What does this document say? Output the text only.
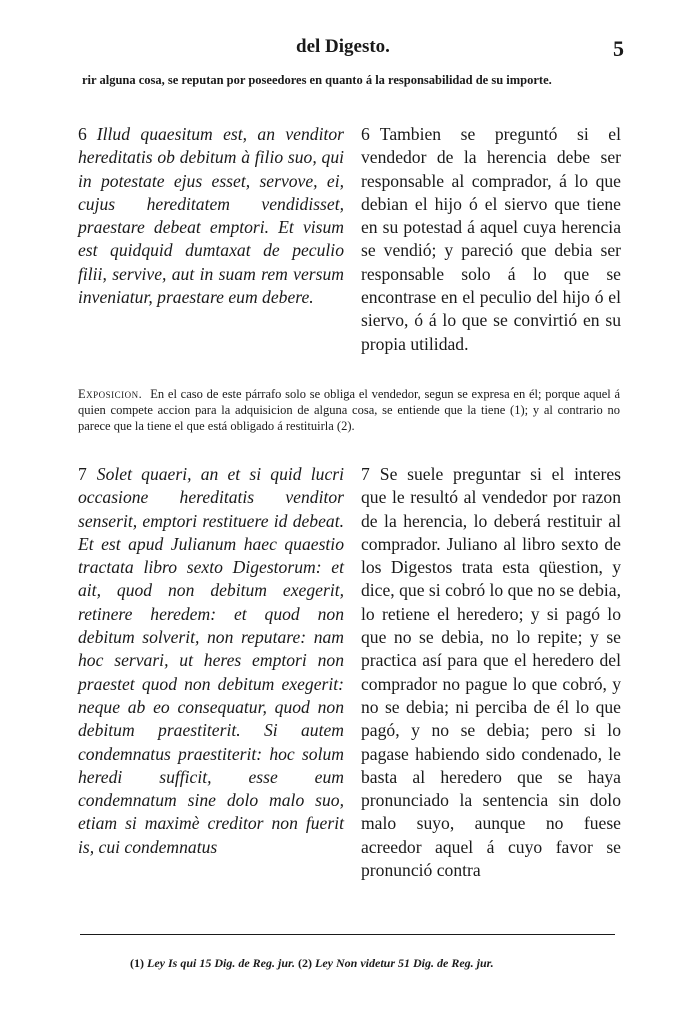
del Digesto.	5
rir alguna cosa, se reputan por poseedores en quanto á la responsabilidad de su importe.
6 Illud quaesitum est, an venditor hereditatis ob debitum à filio suo, qui in potestate ejus esset, servove, ei, cujus hereditatem vendidisset, praestare debeat emptori. Et visum est quidquid dumtaxat de peculio filii, servive, aut in suam rem versum inveniatur, praestare eum debere.
6 Tambien se preguntó si el vendedor de la herencia debe ser responsable al comprador, á lo que debian el hijo ó el siervo que tiene en su potestad á aquel cuya herencia se vendió; y pareció que debia ser responsable solo á lo que se encontrase en el peculio del hijo ó el siervo, ó á lo que se convirtió en su propia utilidad.
Exposicion. En el caso de este párrafo solo se obliga el vendedor, segun se expresa en él; porque aquel á quien compete accion para la adquisicion de alguna cosa, se entiende que la tiene (1); y al contrario no parece que la tiene el que está obligado á restituirla (2).
7 Solet quaeri, an et si quid lucri occasione hereditatis venditor senserit, emptori restituere id debeat. Et est apud Julianum haec quaestio tractata libro sexto Digestorum: et ait, quod non debitum exegerit, retinere heredem: et quod non debitum solverit, non reputare: nam hoc servari, ut heres emptori non praestet quod non debitum exegerit: neque ab eo consequatur, quod non debitum praestiterit. Si autem condemnatus praestiterit: hoc solum heredi sufficit, esse eum condemnatum sine dolo malo suo, etiam si maximè creditor non fuerit is, cui condemnatus
7 Se suele preguntar si el interes que le resultó al vendedor por razon de la herencia, lo deberá restituir al comprador. Juliano al libro sexto de los Digestos trata esta qüestion, y dice, que si cobró lo que no se debia, lo retiene el heredero; y si pagó lo que no se debia, no lo repite; y se practica así para que el heredero del comprador no pague lo que cobró, y no se debia; ni perciba de él lo que pagó, y no se debia; pero si lo pagase habiendo sido condenado, le basta al heredero que se haya pronunciado la sentencia sin dolo malo suyo, aunque no fuese acreedor aquel á cuyo favor se pronunció contra
(1) Ley Is qui 15 Dig. de Reg. jur. (2) Ley Non videtur 51 Dig. de Reg. jur.
